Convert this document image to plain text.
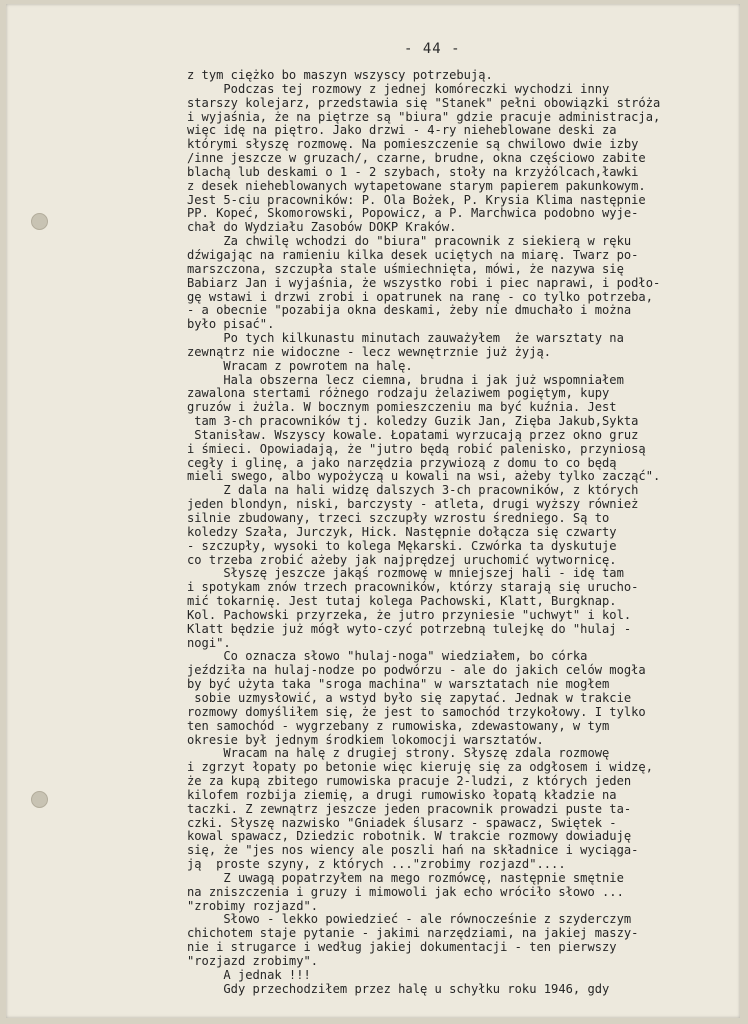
- 44 -
z tym ciężko bo maszyn wszyscy potrzebują.
Podczas tej rozmowy z jednej komóreczki wychodzi inny
starszy kolejarz, przedstawia się "Stanek" pełni obowiązki stróża
i wyjaśnia, że na piętrze są "biura" gdzie pracuje administracja,
więc idę na piętro. Jako drzwi - 4-ry nieheblowane deski za
którymi słyszę rozmowę. Na pomieszczenie są chwilowo dwie izby
/inne jeszcze w gruzach/, czarne, brudne, okna częściowo zabite
blachą lub deskami o 1 - 2 szybach, stoły na krzyżólcach,ławki
z desek nieheblowanych wytapetowane starym papierem pakunkowym.
Jest 5-ciu pracowników: P. Ola Bożek, P. Krysia Klima następnie
PP. Kopeć, Skomorowski, Popowicz, a P. Marchwica podobno wyje-
chał do Wydziału Zasobów DOKP Kraków.
Za chwilę wchodzi do "biura" pracownik z siekierą w ręku
dźwigając na ramieniu kilka desek uciętych na miarę. Twarz po-
marszczona, szczupła stale uśmiechnięta, mówi, że nazywa się
Babiarz Jan i wyjaśnia, że wszystko robi i piec naprawi, i podło-
gę wstawi i drzwi zrobi i opatrunek na ranę - co tylko potrzeba,
- a obecnie "pozabija okna deskami, żeby nie dmuchało i można
było pisać".
Po tych kilkunastu minutach zauważyłem  że warsztaty na
zewnątrz nie widoczne - lecz wewnętrznie już żyją.
Wracam z powrotem na halę.
Hala obszerna lecz ciemna, brudna i jak już wspomniałem
zawalona stertami różnego rodzaju żelaziwem pogiętym, kupy
gruzów i żużla. W bocznym pomieszczeniu ma być kuźnia. Jest
tam 3-ch pracowników tj. koledzy Guzik Jan, Zięba Jakub,Sykta
Stanisław. Wszyscy kowale. Łopatami wyrzucają przez okno gruz
i śmieci. Opowiadają, że "jutro będą robić palenisko, przyniosą
cegły i glinę, a jako narzędzia przywiozą z domu to co będą
mieli swego, albo wypożyczą u kowali na wsi, ażeby tylko zacząć".
Z dala na hali widzę dalszych 3-ch pracowników, z których
jeden blondyn, niski, barczysty - atleta, drugi wyższy również
silnie zbudowany, trzeci szczupły wzrostu średniego. Są to
koledzy Szała, Jurczyk, Hick. Następnie dołącza się czwarty
- szczupły, wysoki to kolega Mękarski. Czwórka ta dyskutuje
co trzeba zrobić ażeby jak najprędzej uruchomić wytwornicę.
Słyszę jeszcze jakąś rozmowę w mniejszej hali - idę tam
i spotykam znów trzech pracowników, którzy starają się urucho-
mić tokarnię. Jest tutaj kolega Pachowski, Klatt, Burgknap.
Kol. Pachowski przyrzeka, że jutro przyniesie "uchwyt" i kol.
Klatt będzie już mógł wyto-czyć potrzebną tulejkę do "hulaj -
nogi".
Co oznacza słowo "hulaj-noga" wiedziałem, bo córka
jeździła na hulaj-nodze po podwórzu - ale do jakich celów mogła
by być użyta taka "sroga machina" w warsztatach nie mogłem
sobie uzmysłowić, a wstyd było się zapytać. Jednak w trakcie
rozmowy domyśliłem się, że jest to samochód trzykołowy. I tylko
ten samochód - wygrzebany z rumowiska, zdewastowany, w tym
okresie był jednym środkiem lokomocji warsztatów.
Wracam na halę z drugiej strony. Słyszę zdala rozmowę
i zgrzyt łopaty po betonie więc kieruję się za odgłosem i widzę,
że za kupą zbitego rumowiska pracuje 2-ludzi, z których jeden
kilofem rozbija ziemię, a drugi rumowisko łopatą kładzie na
taczki. Z zewnątrz jeszcze jeden pracownik prowadzi puste ta-
czki. Słyszę nazwisko "Gniadek ślusarz - spawacz, Swiętek -
kowal spawacz, Dziedzic robotnik. W trakcie rozmowy dowiaduję
się, że "jes nos wiency ale poszli hań na składnice i wyciąga-
ją  proste szyny, z których ..."zrobimy rozjazd"....
Z uwagą popatrzyłem na mego rozmówcę, następnie smętnie
na zniszczenia i gruzy i mimowoli jak echo wróciło słowo ...
"zrobimy rozjazd".
Słowo - lekko powiedzieć - ale równocześnie z szyderczym
chichotem staje pytanie - jakimi narzędziami, na jakiej maszy-
nie i strugarce i według jakiej dokumentacji - ten pierwszy
"rozjazd zrobimy".
A jednak !!!
Gdy przechodziłem przez halę u schyłku roku 1946, gdy
